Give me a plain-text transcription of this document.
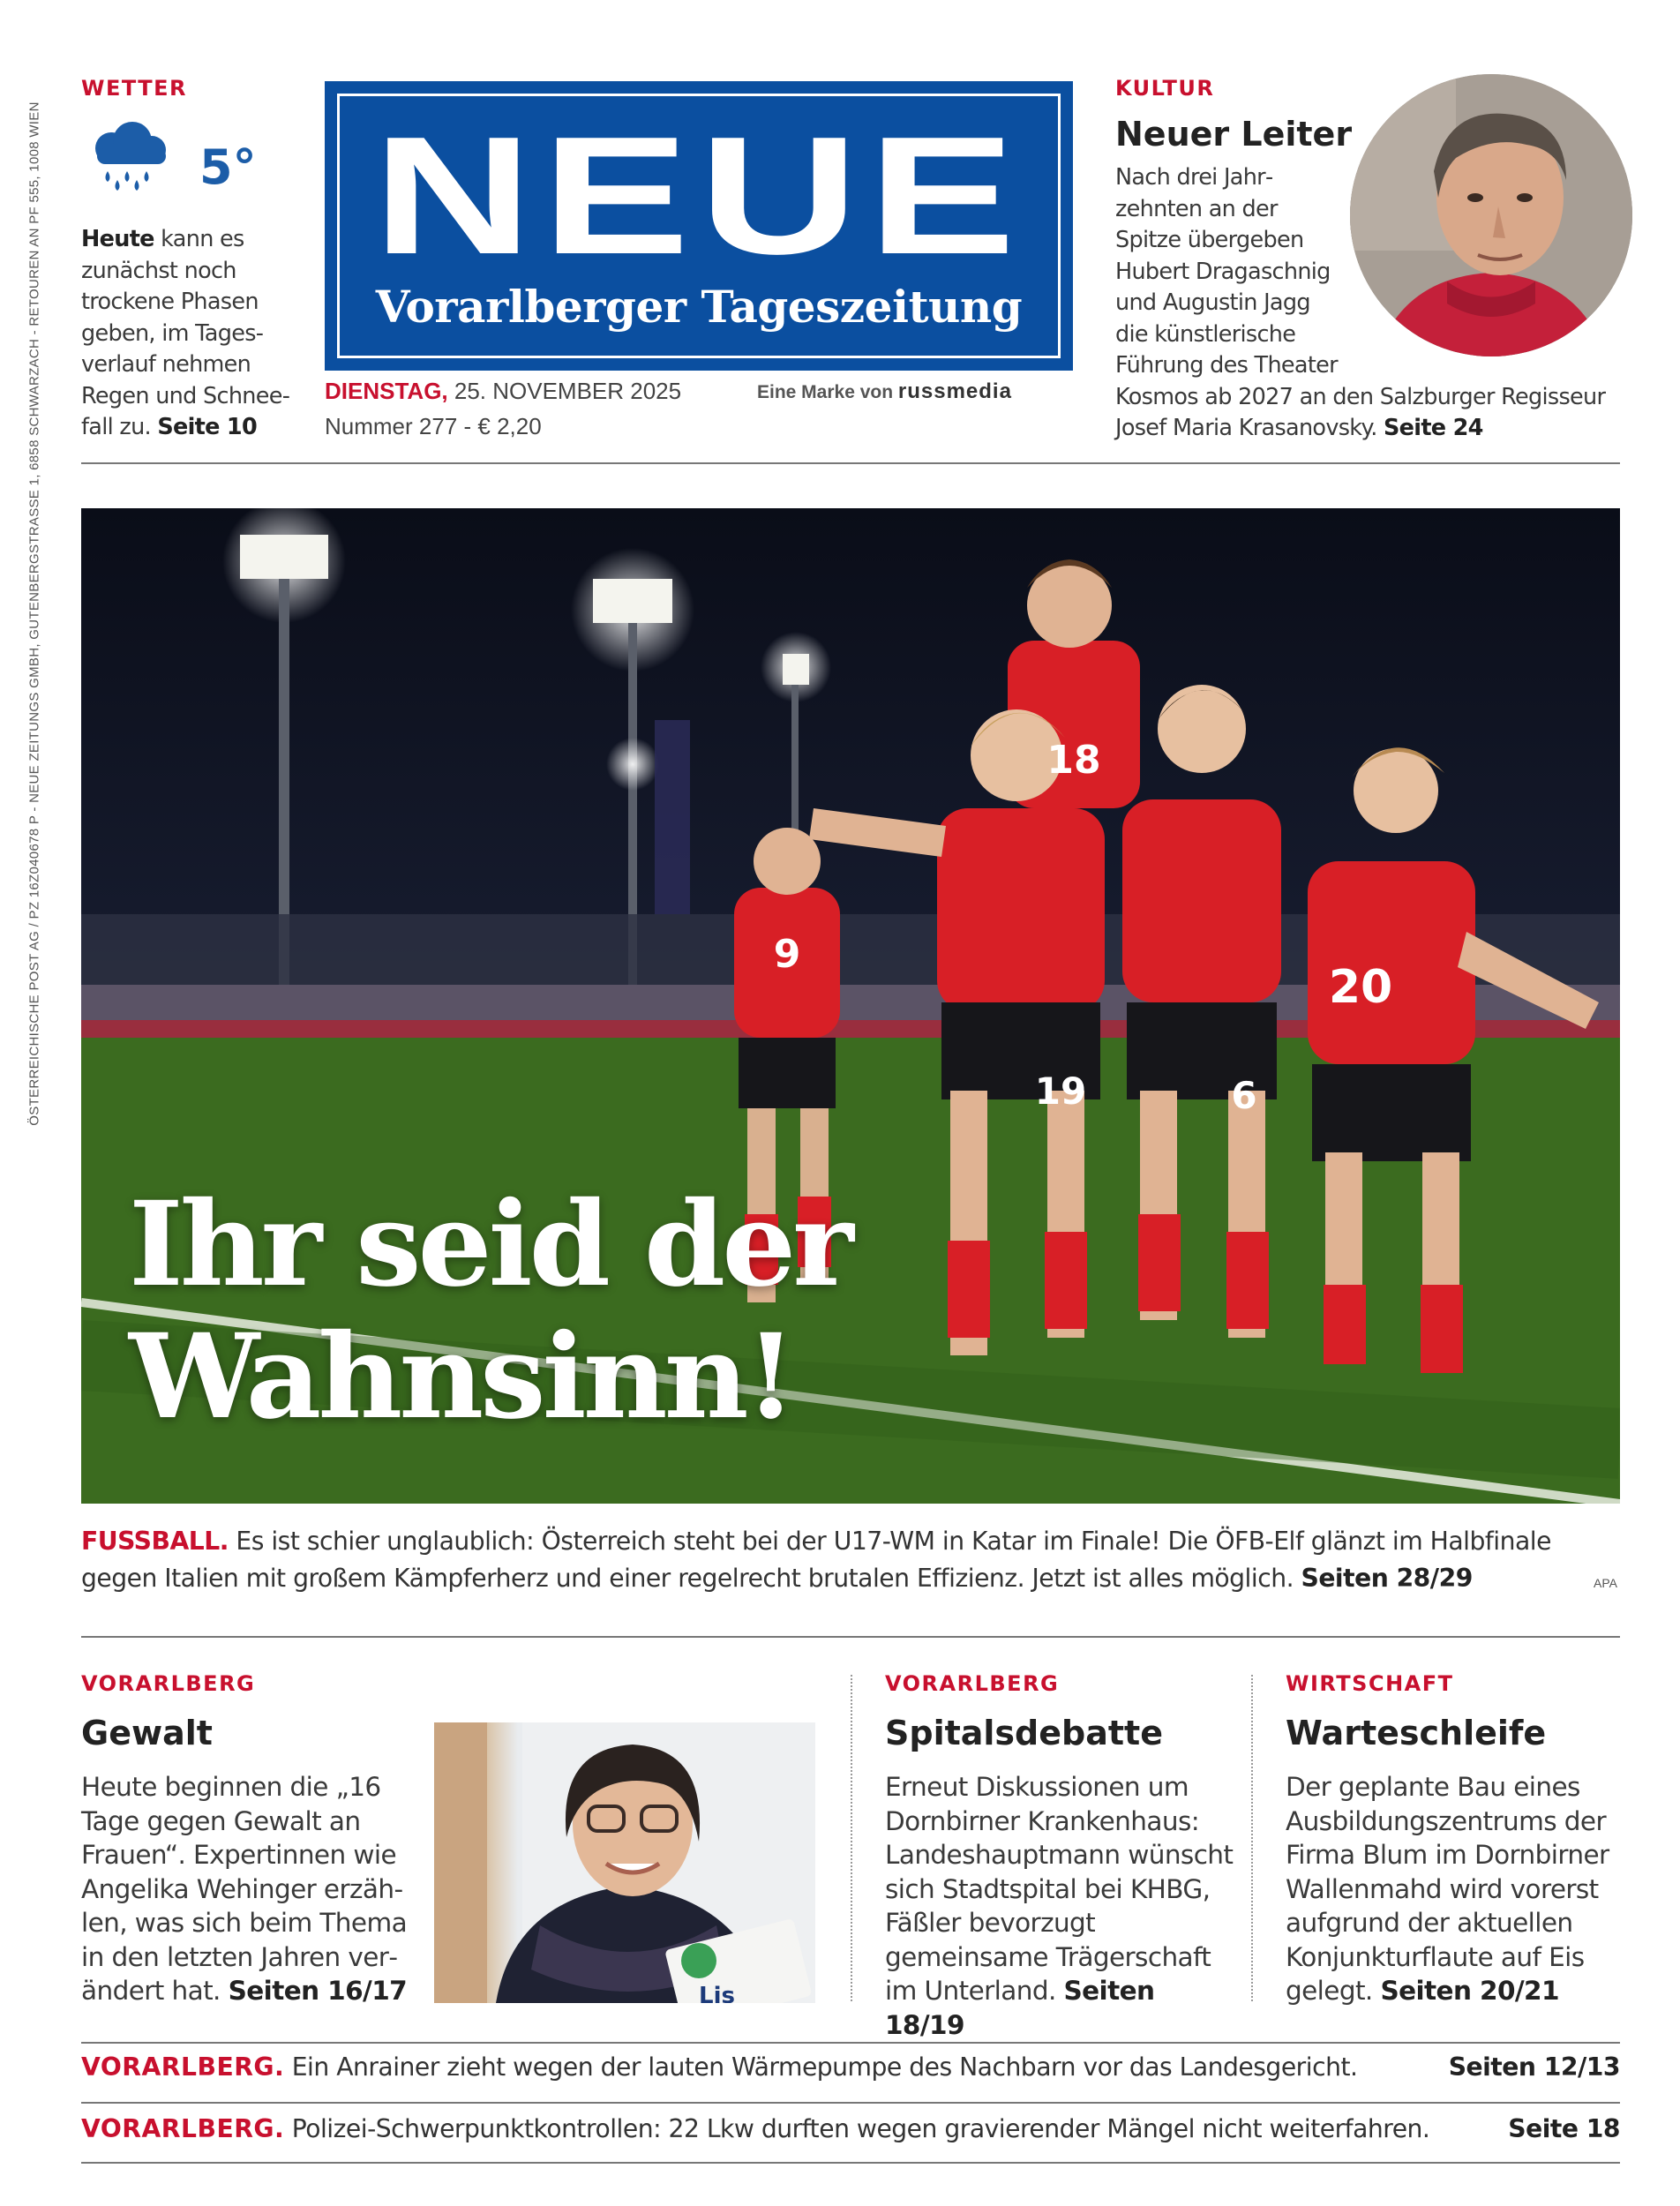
ÖSTERREICHISCHE POST AG / PZ 16Z040678 P - NEUE ZEITUNGS GMBH, GUTENBERGSTRASSE 1, 6858 SCHWARZACH - RETOUREN AN PF 555, 1008 WIEN
WETTER
5°
Heute kann es zunächst noch trockene Phasen geben, im Tagesverlauf nehmen Regen und Schneefall zu. Seite 10
NEUE
Vorarlberger Tageszeitung
DIENSTAG, 25. NOVEMBER 2025
Nummer 277 - € 2,20
Eine Marke von russmedia
KULTUR
Neuer Leiter
Nach drei Jahrzehnten an der Spitze übergeben Hubert Dragaschnig und Augustin Jagg die künstlerische Führung des Theater Kosmos ab 2027 an den Salzburger Regisseur Josef Maria Krasanovsky. Seite 24
9
18
19	6
20
Ihr seid der
Wahnsinn!
FUSSBALL. Es ist schier unglaublich: Österreich steht bei der U17-WM in Katar im Finale! Die ÖFB-Elf glänzt im Halbfinale gegen Italien mit großem Kämpferherz und einer regelrecht brutalen Effizienz. Jetzt ist alles möglich. Seiten 28/29	APA
VORARLBERG
Gewalt
Heute beginnen die „16 Tage gegen Gewalt an Frauen“. Expertinnen wie Angelika Wehinger erzählen, was sich beim Thema in den letzten Jahren verändert hat. Seiten 16/17	Lis
VORARLBERG
Spitalsdebatte
Erneut Diskussionen um Dornbirner Krankenhaus: Landeshauptmann wünscht sich Stadtspital bei KHBG, Fäßler bevorzugt gemeinsame Trägerschaft im Unterland. Seiten 18/19
WIRTSCHAFT
Warteschleife
Der geplante Bau eines Ausbildungszentrums der Firma Blum im Dornbirner Wallenmahd wird vorerst aufgrund der aktuellen Konjunkturflaute auf Eis gelegt. Seiten 20/21
VORARLBERG. Ein Anrainer zieht wegen der lauten Wärmepumpe des Nachbarn vor das Landesgericht.	Seiten 12/13
VORARLBERG. Polizei-Schwerpunktkontrollen: 22 Lkw durften wegen gravierender Mängel nicht weiterfahren.	Seite 18
